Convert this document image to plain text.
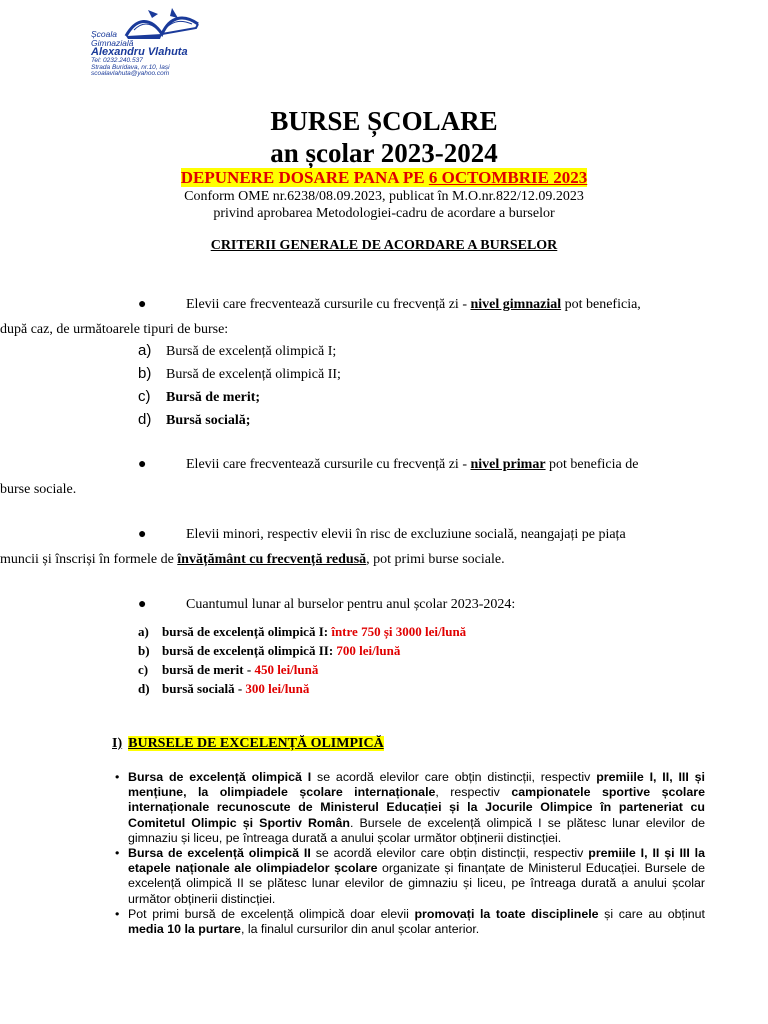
Școala
Gimnazială
Alexandru Vlahuta
Tel: 0232.240.537
Strada Buridava, nr.10, Iași
scoalavlahuta@yahoo.com
BURSE ȘCOLARE
an școlar 2023-2024
DEPUNERE DOSARE PANA PE 6 OCTOMBRIE 2023
Conform OME nr.6238/08.09.2023, publicat în M.O.nr.822/12.09.2023
privind aprobarea Metodologiei-cadru de acordare a burselor
CRITERII GENERALE DE ACORDARE A BURSELOR
●	Elevii care frecventează cursurile cu frecvență zi - nivel gimnazial pot beneficia,
după caz, de următoarele tipuri de burse:
a) Bursă de excelență olimpică I;
b) Bursă de excelență olimpică II;
c) Bursă de merit;
d) Bursă socială;
●	Elevii care frecventează cursurile cu frecvență zi - nivel primar pot beneficia de
burse sociale.
●	Elevii minori, respectiv elevii în risc de excluziune socială, neangajați pe piața
muncii și înscriși în formele de învățământ cu frecvență redusă, pot primi burse sociale.
●	Cuantumul lunar al burselor pentru anul școlar 2023-2024:
a) bursă de excelență olimpică I: între 750 și 3000 lei/lună
b) bursă de excelență olimpică II: 700 lei/lună
c) bursă de merit - 450 lei/lună
d) bursă socială - 300 lei/lună
I) BURSELE DE EXCELENȚĂ OLIMPICĂ
• Bursa de excelență olimpică I se acordă elevilor care obțin distincții, respectiv premiile I, II, III și mențiune, la olimpiadele școlare internaționale, respectiv campionatele sportive școlare internaționale recunoscute de Ministerul Educației și la Jocurile Olimpice în parteneriat cu Comitetul Olimpic și Sportiv Român. Bursele de excelență olimpică I se plătesc lunar elevilor de gimnaziu și liceu, pe întreaga durată a anului școlar următor obținerii distincției.
• Bursa de excelență olimpică II se acordă elevilor care obțin distincții, respectiv premiile I, II și III la etapele naționale ale olimpiadelor școlare organizate și finanțate de Ministerul Educației. Bursele de excelență olimpică II se plătesc lunar elevilor de gimnaziu și liceu, pe întreaga durată a anului școlar următor obținerii distincției.
• Pot primi bursă de excelență olimpică doar elevii promovați la toate disciplinele și care au obținut media 10 la purtare, la finalul cursurilor din anul școlar anterior.
